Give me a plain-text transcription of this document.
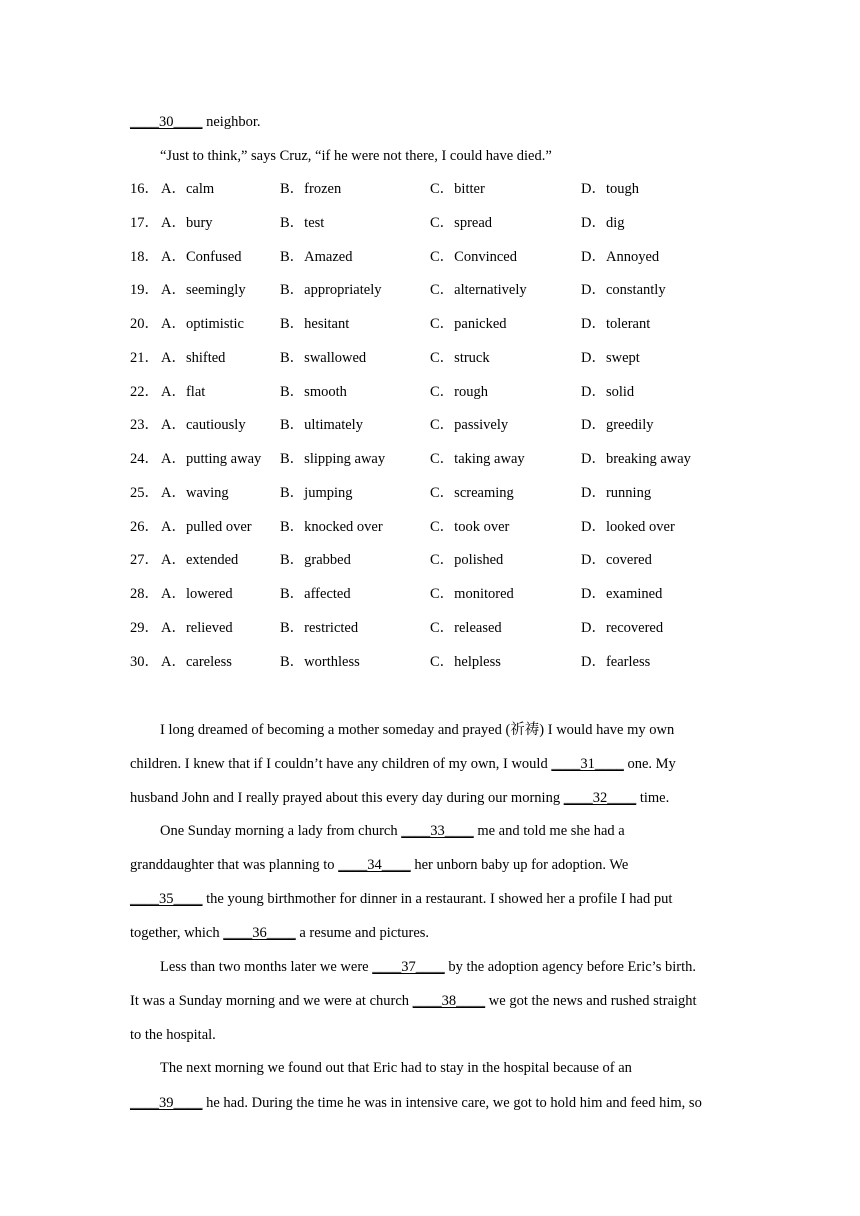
____30____ neighbor.
“Just to think,” says Cruz, “if he were not there, I could have died.”
16． A．calm	B．frozen	C．bitter	D．tough
17． A．bury	B．test	C．spread	D．dig
18． A．Confused	B．Amazed	C．Convinced	D．Annoyed
19． A．seemingly B．appropriately	C．alternatively	D．constantly
20． A．optimistic B．hesitant	C．panicked	D．tolerant
21． A．shifted	B．swallowed	C．struck	D．swept
22． A．flat	B．smooth	C．rough	D．solid
23． A．cautiously B．ultimately	C．passively	D．greedily
24． A．putting away B．slipping away	C．taking away	D．breaking away
25． A．waving	B．jumping	C．screaming	D．running
26． A．pulled over B．knocked over	C．took over	D．looked over
27． A．extended	B．grabbed	C．polished	D．covered
28． A．lowered	B．affected	C．monitored	D．examined
29． A．relieved	B．restricted	C．released	D．recovered
30． A．careless	B．worthless	C．helpless	D．fearless
I long dreamed of becoming a mother someday and prayed (祈祷) I would have my own
children. I knew that if I couldn’t have any children of my own, I would ____31____ one. My
husband John and I really prayed about this every day during our morning ____32____ time.
One Sunday morning a lady from church ____33____ me and told me she had a
granddaughter that was planning to ____34____ her unborn baby up for adoption. We
____35____ the young birthmother for dinner in a restaurant. I showed her a profile I had put
together, which ____36____ a resume and pictures.
Less than two months later we were ____37____ by the adoption agency before Eric’s birth.
It was a Sunday morning and we were at church ____38____ we got the news and rushed straight
to the hospital.
The next morning we found out that Eric had to stay in the hospital because of an
____39____ he had. During the time he was in intensive care, we got to hold him and feed him, so
